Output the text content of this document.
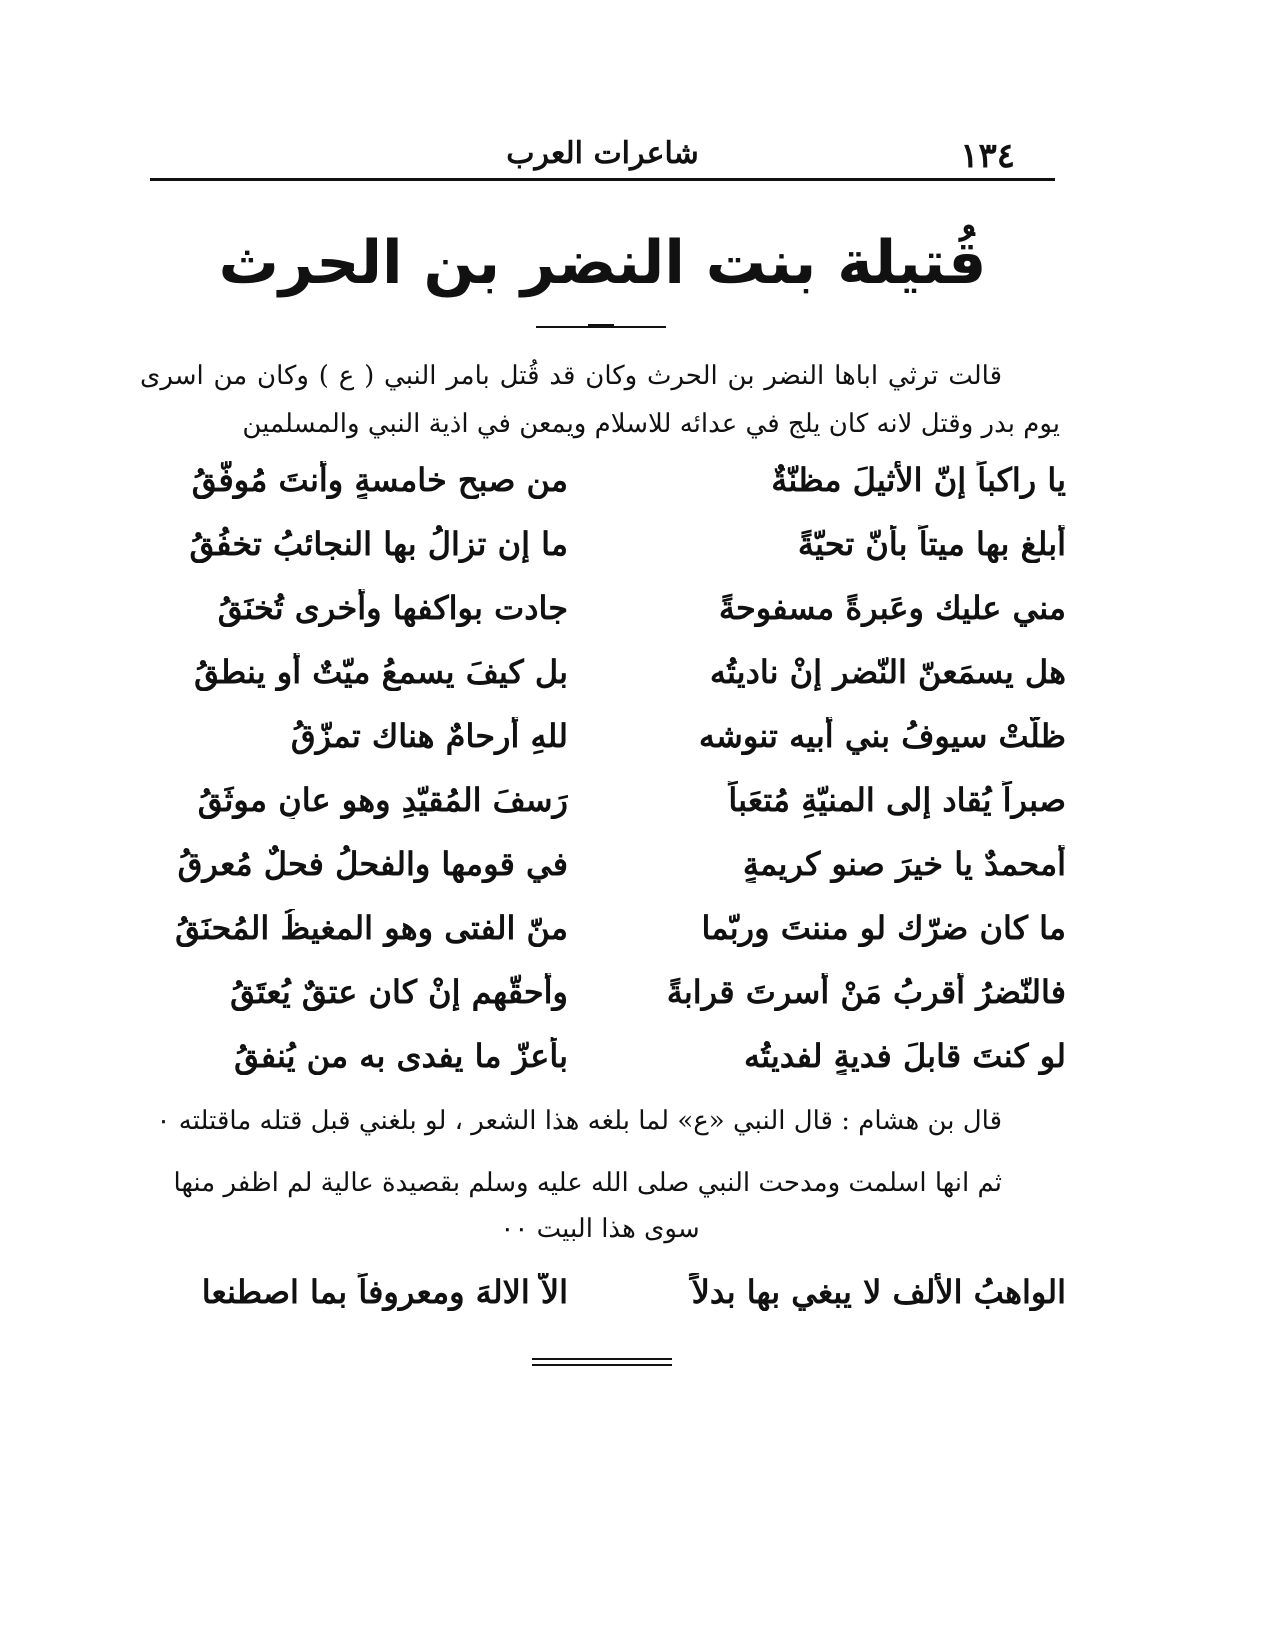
١٣٤
شاعرات العرب
قُتيلة بنت النضر بن الحرث

قالت ترثي اباها النضر بن الحرث وكان قد قُتل بامر النبي ( ع ) وكان من اسرى يوم بدر وقتل لانه كان يلج في عدائه للاسلام ويمعن في اذية النبي والمسلمين

يا راكباً إنّ الأُثيلَ مظنّةٌ
من صبح خامسةٍ وأنتَ مُوفّقُ
أبلغ بها ميتاً بأنّ تحيّةً
ما إن تزالُ بها النجائبُ تخفُقُ
مني عليك وعَبرةً مسفوحةً
جادت بواكفها وأُخرى تُخنَقُ
هل يسمَعنّ النّضر إنْ ناديتُه
بل كيفَ يسمعُ ميّتٌ أو ينطقُ
ظلّتْ سيوفُ بني أَبيه تنوشه
للهِ أرحامٌ هناك تمزّقُ
صبراً يُقاد إلى المنيّةِ مُتعَباً
رَسفَ المُقيّدِ وهو عانٍ موثَقُ
أمحمدٌ يا خيرَ صنوِ كريمةٍ
في قومها والفحلُ فحلٌ مُعرِقُ
ما كان ضرّك لو مننتَ وربّما
منّ الفتى وهو المغيظُ المُحنَقُ
فالنّضرُ أقربُ مَنْ أسرتَ قرابةً
وأحقّهم إنْ كان عتقٌ يُعتَقُ
لو كنتَ قابلَ فديةٍ لفديتُه
بأعزّ ما يفدى به من يُنفقُ
قال بن هشام : قال النبي «ع» لما بلغه هذا الشعر ، لو بلغني قبل قتله ماقتلته ٠

ثم انها اسلمت ومدحت النبي صلى الله عليه وسلم بقصيدة عالية لم اظفر منها

سوى هذا البيت ٠٠

الواهبُ الألف لا يبغي بها بدلاً
الاّ الالهَ ومعروفاً بما اصطنعا
